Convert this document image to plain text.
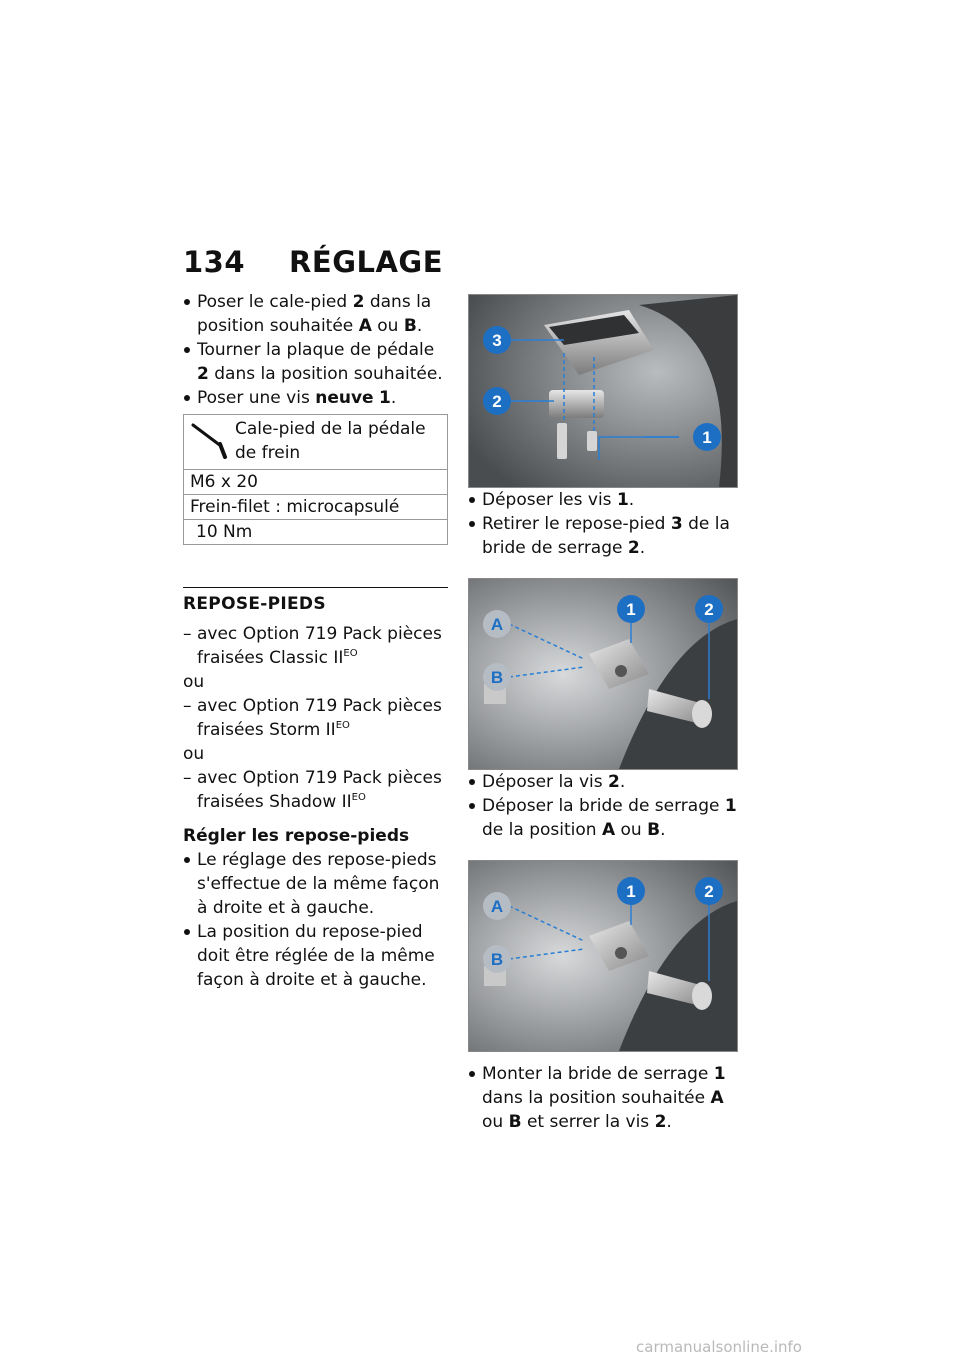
134 RÉGLAGE

Poser le cale-pied 2 dans la position souhaitée A ou B.

Tourner la plaque de pédale 2 dans la position souhaitée.

Poser une vis neuve 1.

Cale-pied de la pédale de frein

M6 x 20
Frein-filet : microcapsulé
10 Nm

REPOSE-PIEDS

– avec Option 719 Pack pièces fraisées Classic $II^{EO}$

ou

– avec Option 719 Pack pièces fraisées Storm $II^{EO}$

ou

– avec Option 719 Pack pièces fraisées Shadow $II^{EO}$

Régler les repose-pieds

Le réglage des repose-pieds s'effectue de la même façon à droite et à gauche.

La position du repose-pied doit être réglée de la même façon à droite et à gauche.

3
2
1

Déposer les vis 1.

Retirer le repose-pied 3 de la bride de serrage 2.

A
B
1	2

Déposer la vis 2.

Déposer la bride de serrage 1 de la position A ou B.

A
B
1	2

Monter la bride de serrage 1 dans la position souhaitée A ou B et serrer la vis 2.

carmanualsonline.info
